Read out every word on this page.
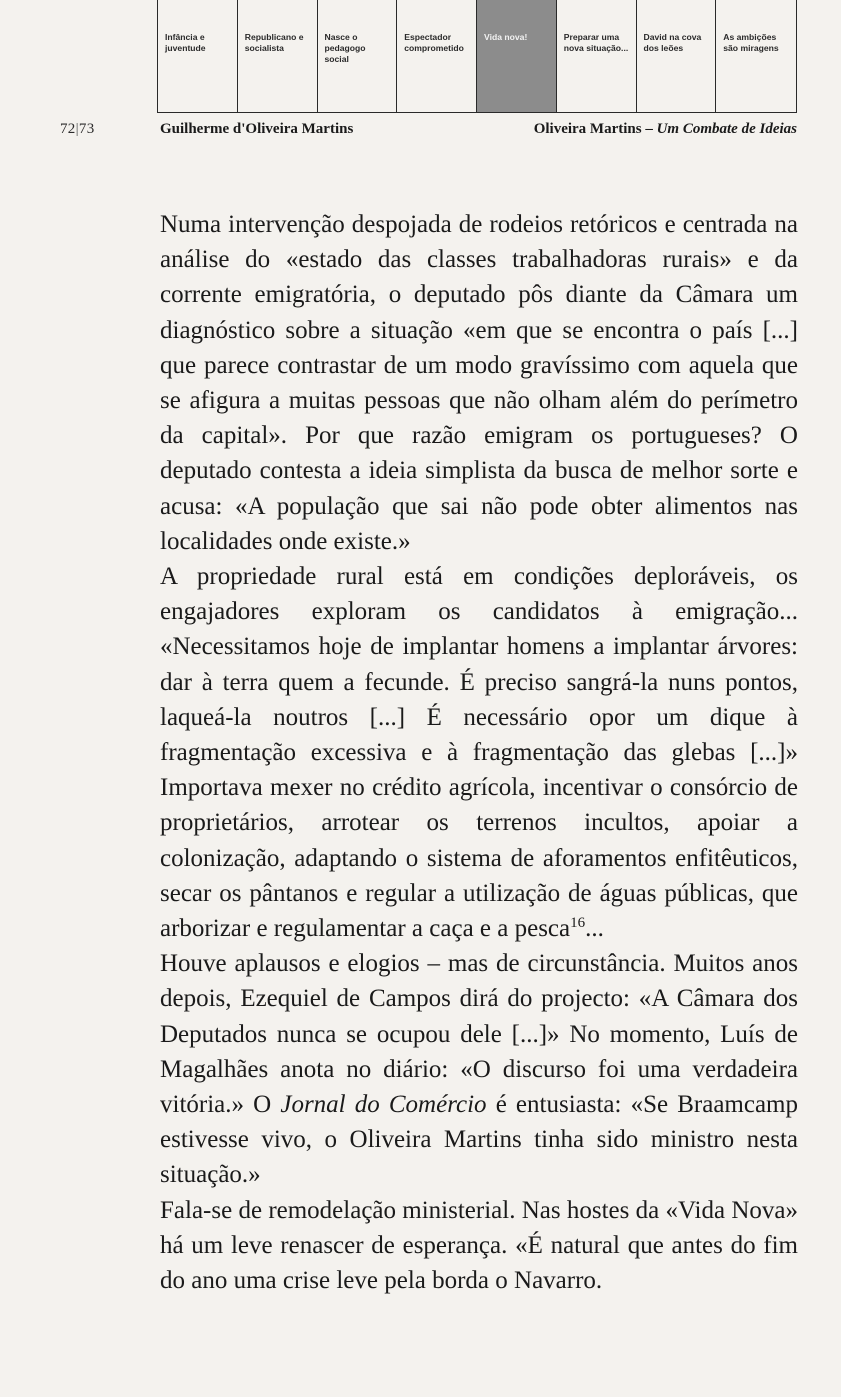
Infância e juventude
Republicano e socialista
Nasce o pedagogo social
Espectador comprometido
Vida nova!	Preparar uma nova situação...
David na cova dos leões
As ambições são miragens
72|73	Guilherme d'Oliveira Martins	Oliveira Martins – Um Combate de Ideias

Numa intervenção despojada de rodeios retóricos e centrada na análise do «estado das classes trabalhadoras rurais» e da corrente emigratória, o deputado pôs diante da Câmara um diagnóstico sobre a situação «em que se encontra o país [...] que parece contrastar de um modo gravíssimo com aquela que se afigura a muitas pessoas que não olham além do perímetro da capital». Por que razão emigram os portugueses? O deputado contesta a ideia simplista da busca de melhor sorte e acusa: «A população que sai não pode obter alimentos nas localidades onde existe.»

A propriedade rural está em condições deploráveis, os engajadores exploram os candidatos à emigração... «Necessitamos hoje de implantar homens a implantar árvores: dar à terra quem a fecunde. É preciso sangrá-la nuns pontos, laqueá-la noutros [...] É necessário opor um dique à fragmentação excessiva e à fragmentação das glebas [...]» Importava mexer no crédito agrícola, incentivar o consórcio de proprietários, arrotear os terrenos incultos, apoiar a colonização, adaptando o sistema de aforamentos enfitêuticos, secar os pântanos e regular a utilização de águas públicas, que arborizar e regulamentar a caça e a pesca$^{16}$...

Houve aplausos e elogios – mas de circunstância. Muitos anos depois, Ezequiel de Campos dirá do projecto: «A Câmara dos Deputados nunca se ocupou dele [...]» No momento, Luís de Magalhães anota no diário: «O discurso foi uma verdadeira vitória.» O Jornal do Comércio é entusiasta: «Se Braamcamp estivesse vivo, o Oliveira Martins tinha sido ministro nesta situação.»

Fala-se de remodelação ministerial. Nas hostes da «Vida Nova» há um leve renascer de esperança. «É natural que antes do fim do ano uma crise leve pela borda o Navarro.
